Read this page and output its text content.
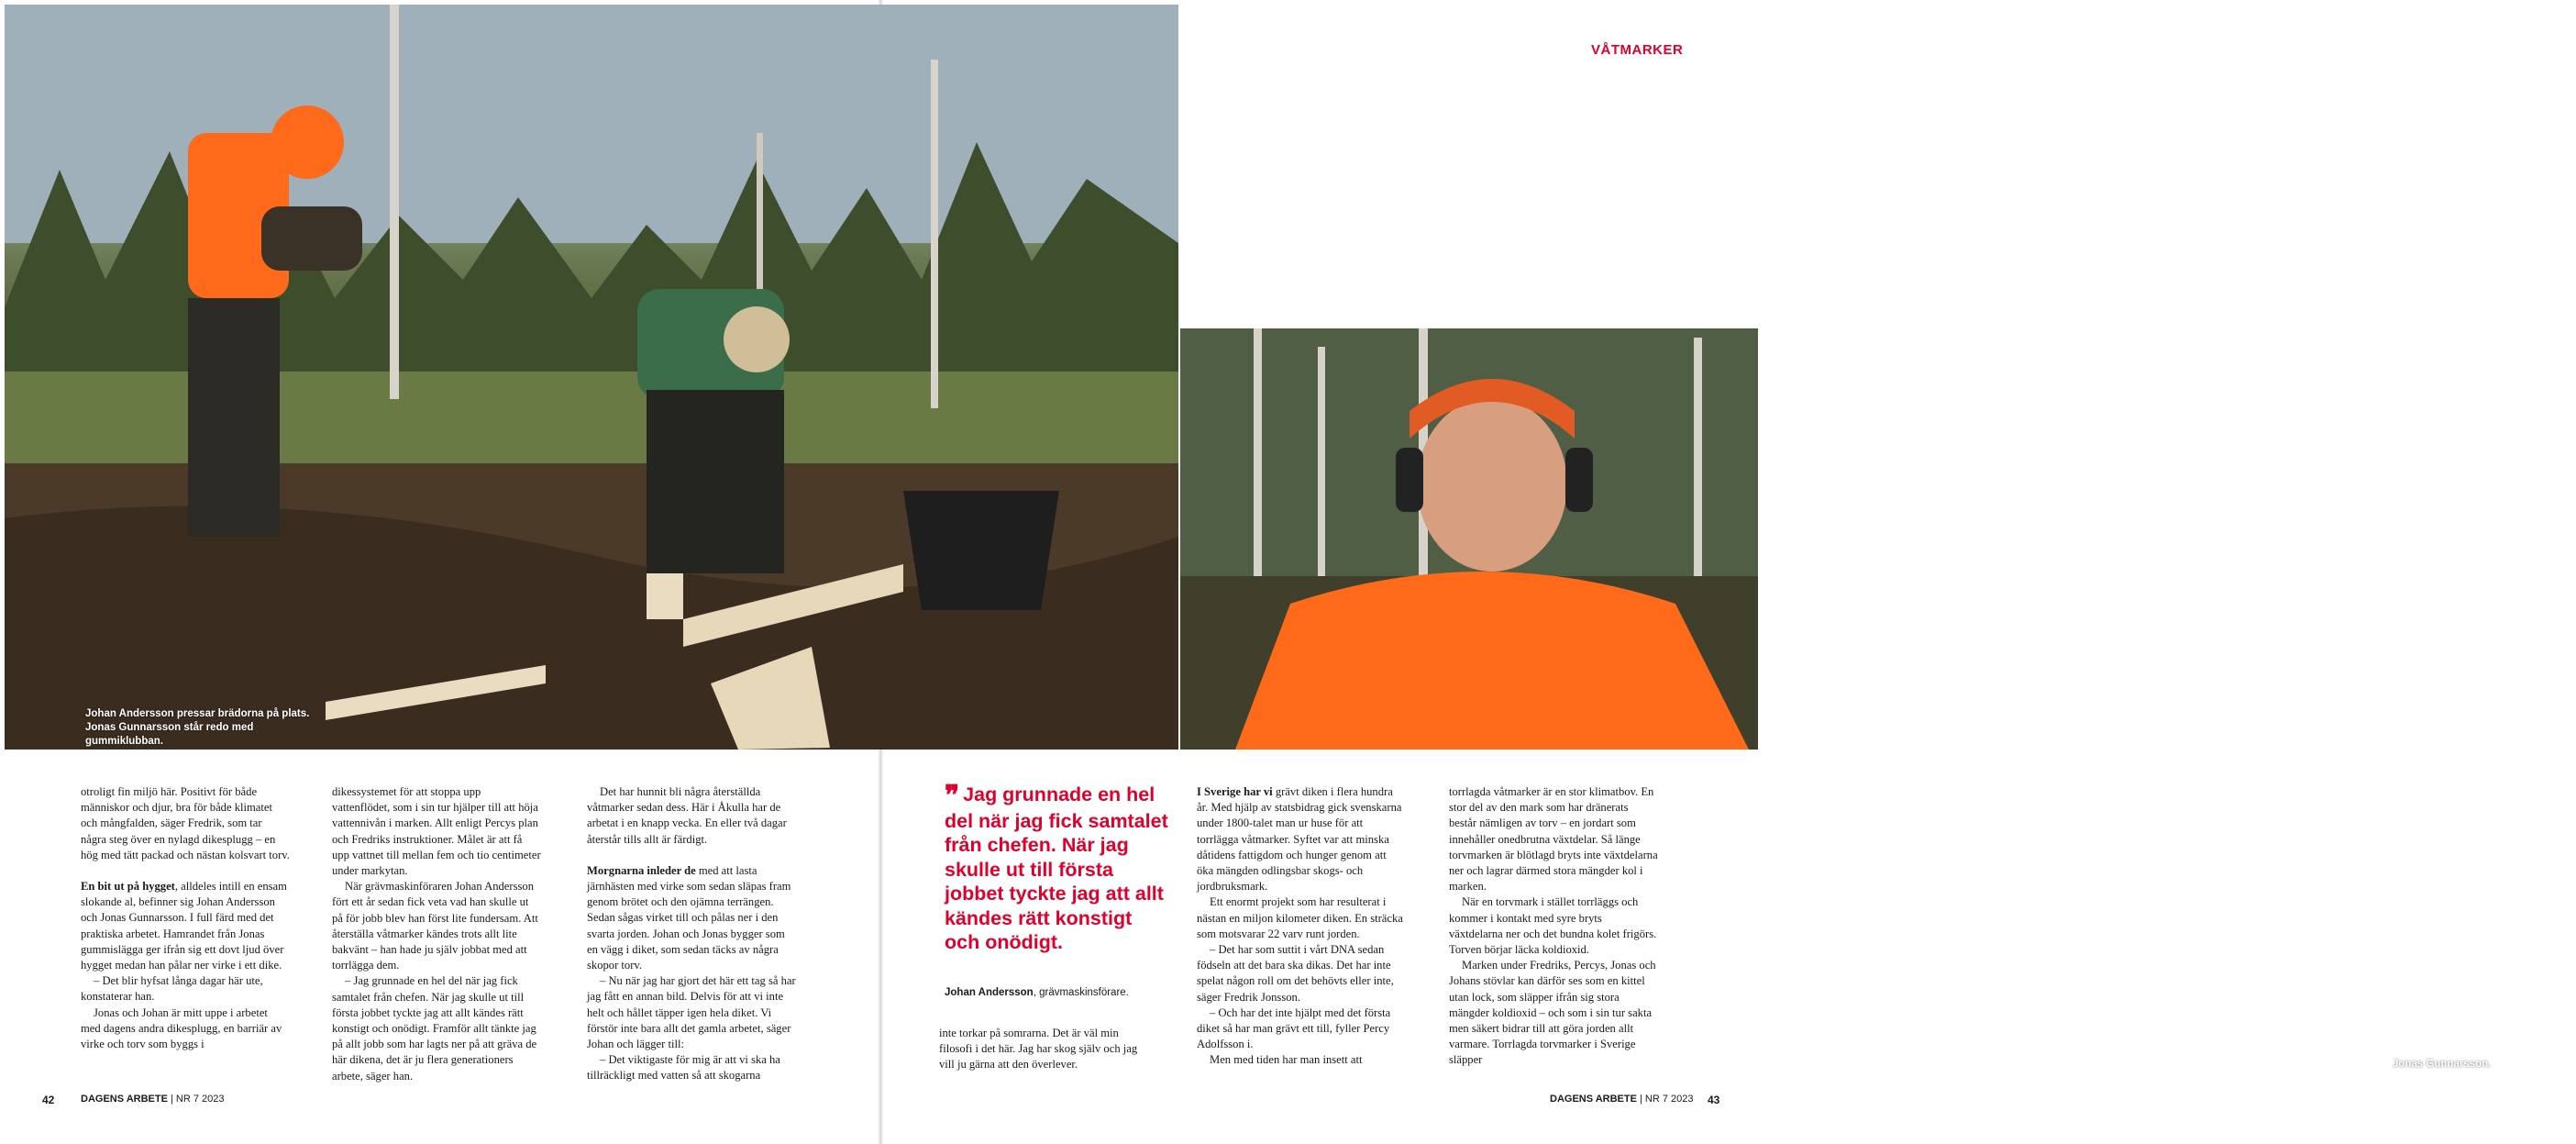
Johan Andersson pressar brädorna på plats. Jonas Gunnarsson står redo med gummiklubban.
Jonas Gunnarsson.
VÅTMARKER

otroligt fin miljö här. Positivt för både människor och djur, bra för både klimatet och mångfalden, säger Fredrik, som tar några steg över en nylagd dikesplugg – en hög med tätt packad och nästan kolsvart torv.

En bit ut på hygget, alldeles intill en ensam slokande al, befinner sig Johan Andersson och Jonas Gunnarsson. I full färd med det praktiska arbetet. Hamrandet från Jonas gummislägga ger ifrån sig ett dovt ljud över hygget medan han pålar ner virke i ett dike.

– Det blir hyfsat långa dagar här ute, konstaterar han.

Jonas och Johan är mitt uppe i arbetet med dagens andra dikesplugg, en barriär av virke och torv som byggs i

dikessystemet för att stoppa upp vattenflödet, som i sin tur hjälper till att höja vattennivån i marken. Allt enligt Percys plan och Fredriks instruktioner. Målet är att få upp vattnet till mellan fem och tio centimeter under markytan.

När grävmaskinföraren Johan Andersson fört ett år sedan fick veta vad han skulle ut på för jobb blev han först lite fundersam. Att återställa våtmarker kändes trots allt lite bakvänt – han hade ju själv jobbat med att torrlägga dem.

– Jag grunnade en hel del när jag fick samtalet från chefen. När jag skulle ut till första jobbet tyckte jag att allt kändes rätt konstigt och onödigt. Framför allt tänkte jag på allt jobb som har lagts ner på att gräva de här dikena, det är ju flera generationers arbete, säger han.

Det har hunnit bli några återställda våtmarker sedan dess. Här i Åkulla har de arbetat i en knapp vecka. En eller två dagar återstår tills allt är färdigt.

Morgnarna inleder de med att lasta järnhästen med virke som sedan släpas fram genom brötet och den ojämna terrängen. Sedan sågas virket till och pålas ner i den svarta jorden. Johan och Jonas bygger som en vägg i diket, som sedan täcks av några skopor torv.

– Nu när jag har gjort det här ett tag så har jag fått en annan bild. Delvis för att vi inte helt och hållet täpper igen hela diket. Vi förstör inte bara allt det gamla arbetet, säger Johan och lägger till:

– Det viktigaste för mig är att vi ska ha tillräckligt med vatten så att skogarna

❞ Jag grunnade en hel del när jag fick samtalet från chefen. När jag skulle ut till första jobbet tyckte jag att allt kändes rätt konstigt och onödigt.
Johan Andersson, grävmaskinsförare.

inte torkar på somrarna. Det är väl min filosofi i det här. Jag har skog själv och jag vill ju gärna att den överlever.

I Sverige har vi grävt diken i flera hundra år. Med hjälp av statsbidrag gick svenskarna under 1800-talet man ur huse för att torrlägga våtmarker. Syftet var att minska dåtidens fattigdom och hunger genom att öka mängden odlingsbar skogs- och jordbruksmark.

Ett enormt projekt som har resulterat i nästan en miljon kilometer diken. En sträcka som motsvarar 22 varv runt jorden.

– Det har som suttit i vårt DNA sedan födseln att det bara ska dikas. Det har inte spelat någon roll om det behövts eller inte, säger Fredrik Jonsson.

– Och har det inte hjälpt med det första diket så har man grävt ett till, fyller Percy Adolfsson i.

Men med tiden har man insett att

torrlagda våtmarker är en stor klimatbov. En stor del av den mark som har dränerats består nämligen av torv – en jordart som innehåller onedbrutna växtdelar. Så länge torvmarken är blötlagd bryts inte växtdelarna ner och lagrar därmed stora mängder kol i marken.

När en torvmark i stället torrläggs och kommer i kontakt med syre bryts växtdelarna ner och det bundna kolet frigörs. Torven börjar läcka koldioxid.

Marken under Fredriks, Percys, Jonas och Johans stövlar kan därför ses som en kittel utan lock, som släpper ifrån sig stora mängder koldioxid – och som i sin tur sakta men säkert bidrar till att göra jorden allt varmare. Torrlagda torvmarker i Sverige släpper

42	DAGENS ARBETE | NR 7 2023	DAGENS ARBETE | NR 7 2023 43
